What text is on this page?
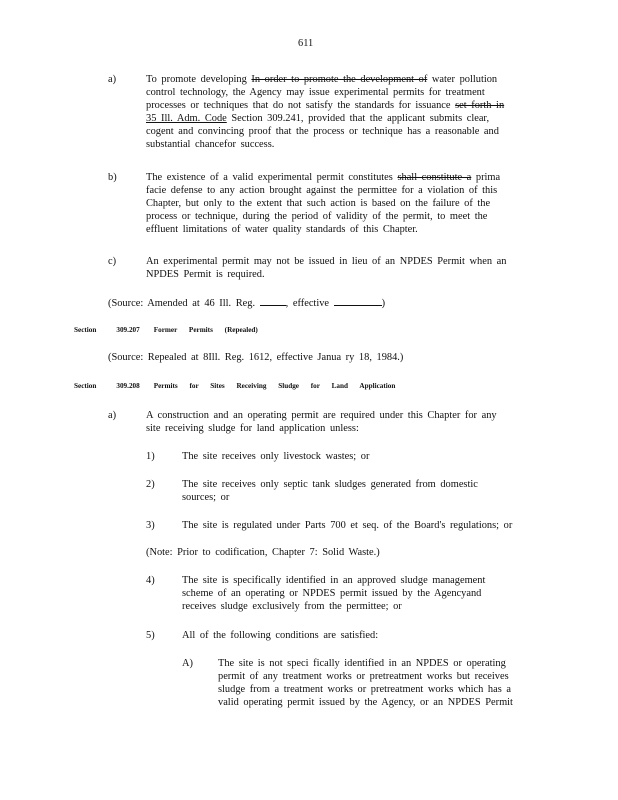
611
a)	To promote developing In order to promote the development of water pollution
control technology, the Agency may issue experimental permits for treatment
processes or techniques that do not satisfy the standards for issuance set forth in
35 Ill. Adm. Code Section 309.241, provided that the applicant submits clear,
cogent and convincing proof that the process or technique has a reasonable and
substantial chancefor success.
b)	The existence of a valid experimental permit constitutes shall constitute a prima
facie defense to any action brought against the permittee for a violation of this
Chapter, but only to the extent that such action is based on the failure of the
process or technique, during the period of validity of the permit, to meet the
effluent limitations of water quality standards of this Chapter.
c)	An experimental permit may not be issued in lieu of an NPDES Permit when an
NPDES Permit is required.
(Source: Amended at 46 Ill. Reg.	, effective	)
Section	309.207 Former Permits (Repealed)
(Source: Repealed at 8Ill. Reg. 1612, effective Janua ry 18, 1984.)
Section	309.208 Permits for Sites Receiving Sludge for Land Application
a)	A construction and an operating permit are required under this Chapter for any
site receiving sludge for land application unless:
1)	The site receives only livestock wastes; or
2)	The site receives only septic tank sludges generated from domestic
sources; or
3)	The site is regulated under Parts 700 et seq. of the Board's regulations; or
(Note: Prior to codification, Chapter 7: Solid Waste.)
4)	The site is specifically identified in an approved sludge management
scheme of an operating or NPDES permit issued by the Agencyand
receives sludge exclusively from the permittee; or
5)	All of the following conditions are satisfied:
A) The site is not speci fically identified in an NPDES or operating
permit of any treatment works or pretreatment works but receives
sludge from a treatment works or pretreatment works which has a
valid operating permit issued by the Agency, or an NPDES Permit
